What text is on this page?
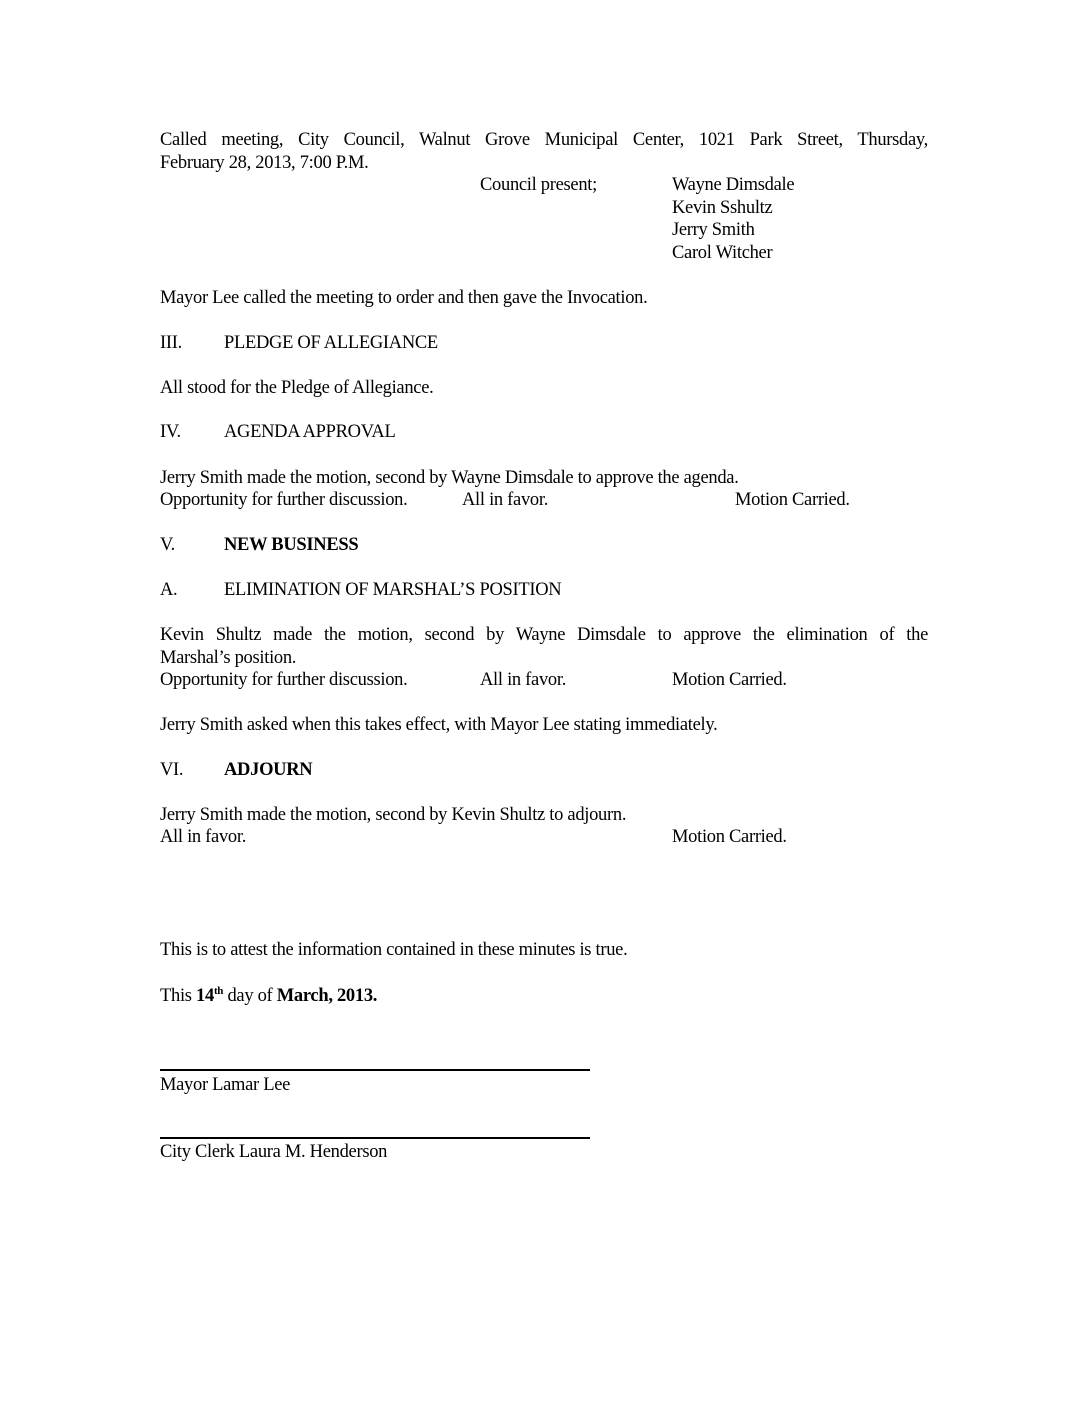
Called meeting, City Council, Walnut Grove Municipal Center, 1021 Park Street, Thursday,
February 28, 2013, 7:00 P.M.
Council present;	Wayne Dimsdale
Kevin Sshultz
Jerry Smith
Carol Witcher
Mayor Lee called the meeting to order and then gave the Invocation.
III. PLEDGE OF ALLEGIANCE
All stood for the Pledge of Allegiance.
IV. AGENDA APPROVAL
Jerry Smith made the motion, second by Wayne Dimsdale to approve the agenda.
Opportunity for further discussion.	All in favor.	Motion Carried.
V.	NEW BUSINESS
A.	ELIMINATION OF MARSHAL’S POSITION
Kevin Shultz made the motion, second by Wayne Dimsdale to approve the elimination of the
Marshal’s position.
Opportunity for further discussion.	All in favor.	Motion Carried.
Jerry Smith asked when this takes effect, with Mayor Lee stating immediately.
VI. ADJOURN
Jerry Smith made the motion, second by Kevin Shultz to adjourn.
All in favor.	Motion Carried.
This is to attest the information contained in these minutes is true.
This 14th day of March, 2013.
Mayor Lamar Lee
City Clerk Laura M. Henderson
